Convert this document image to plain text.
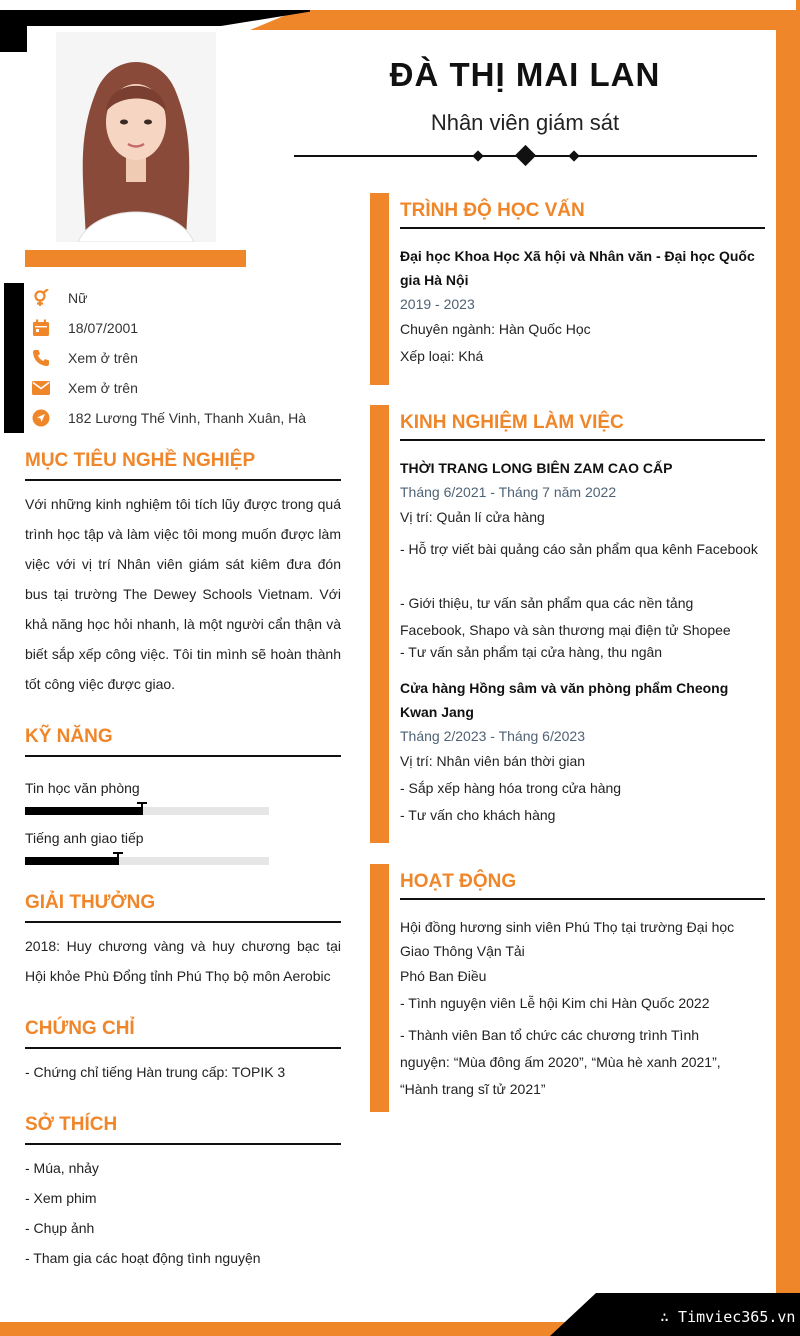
∴ Timviec365.vn
ĐÀ THỊ MAI LAN
Nhân viên giám sát
Nữ
18/07/2001
Xem ở trên
Xem ở trên
182 Lương Thế Vinh, Thanh Xuân, Hà
MỤC TIÊU NGHỀ NGHIỆP
Với những kinh nghiệm tôi tích lũy được trong quá trình học tập và làm việc tôi mong muốn được làm việc với vị trí Nhân viên giám sát kiêm đưa đón bus tại trường The Dewey Schools Vietnam. Với khả năng học hỏi nhanh, là một người cẩn thận và biết sắp xếp công việc. Tôi tin mình sẽ hoàn thành tốt công việc được giao.
KỸ NĂNG
Tin học văn phòng
Tiếng anh giao tiếp
GIẢI THƯỞNG
2018: Huy chương vàng và huy chương bạc tại Hội khỏe Phù Đổng tỉnh Phú Thọ bộ môn Aerobic
CHỨNG CHỈ
- Chứng chỉ tiếng Hàn trung cấp: TOPIK 3
SỞ THÍCH
- Múa, nhảy
- Xem phim
- Chụp ảnh
- Tham gia các hoạt động tình nguyện
TRÌNH ĐỘ HỌC VẤN
Đại học Khoa Học Xã hội và Nhân văn - Đại học Quốc gia Hà Nội
2019 - 2023
Chuyên ngành: Hàn Quốc Học
Xếp loại: Khá
KINH NGHIỆM LÀM VIỆC
THỜI TRANG LONG BIÊN ZAM CAO CẤP
Tháng 6/2021 - Tháng 7 năm 2022
Vị trí: Quản lí cửa hàng
- Hỗ trợ viết bài quảng cáo sản phẩm qua kênh Facebook
- Giới thiệu, tư vấn sản phẩm qua các nền tảng Facebook, Shapo và sàn thương mại điện tử Shopee
- Tư vấn sản phẩm tại cửa hàng, thu ngân
Cửa hàng Hồng sâm và văn phòng phẩm Cheong Kwan Jang
Tháng 2/2023 - Tháng 6/2023
Vị trí: Nhân viên bán thời gian
- Sắp xếp hàng hóa trong cửa hàng
- Tư vấn cho khách hàng
HOẠT ĐỘNG
Hội đồng hương sinh viên Phú Thọ tại trường Đại học Giao Thông Vận Tải
Phó Ban Điều
- Tình nguyện viên Lễ hội Kim chi Hàn Quốc 2022
- Thành viên Ban tổ chức các chương trình Tình nguyện: “Mùa đông ấm 2020”, “Mùa hè xanh 2021”, “Hành trang sĩ tử 2021”
